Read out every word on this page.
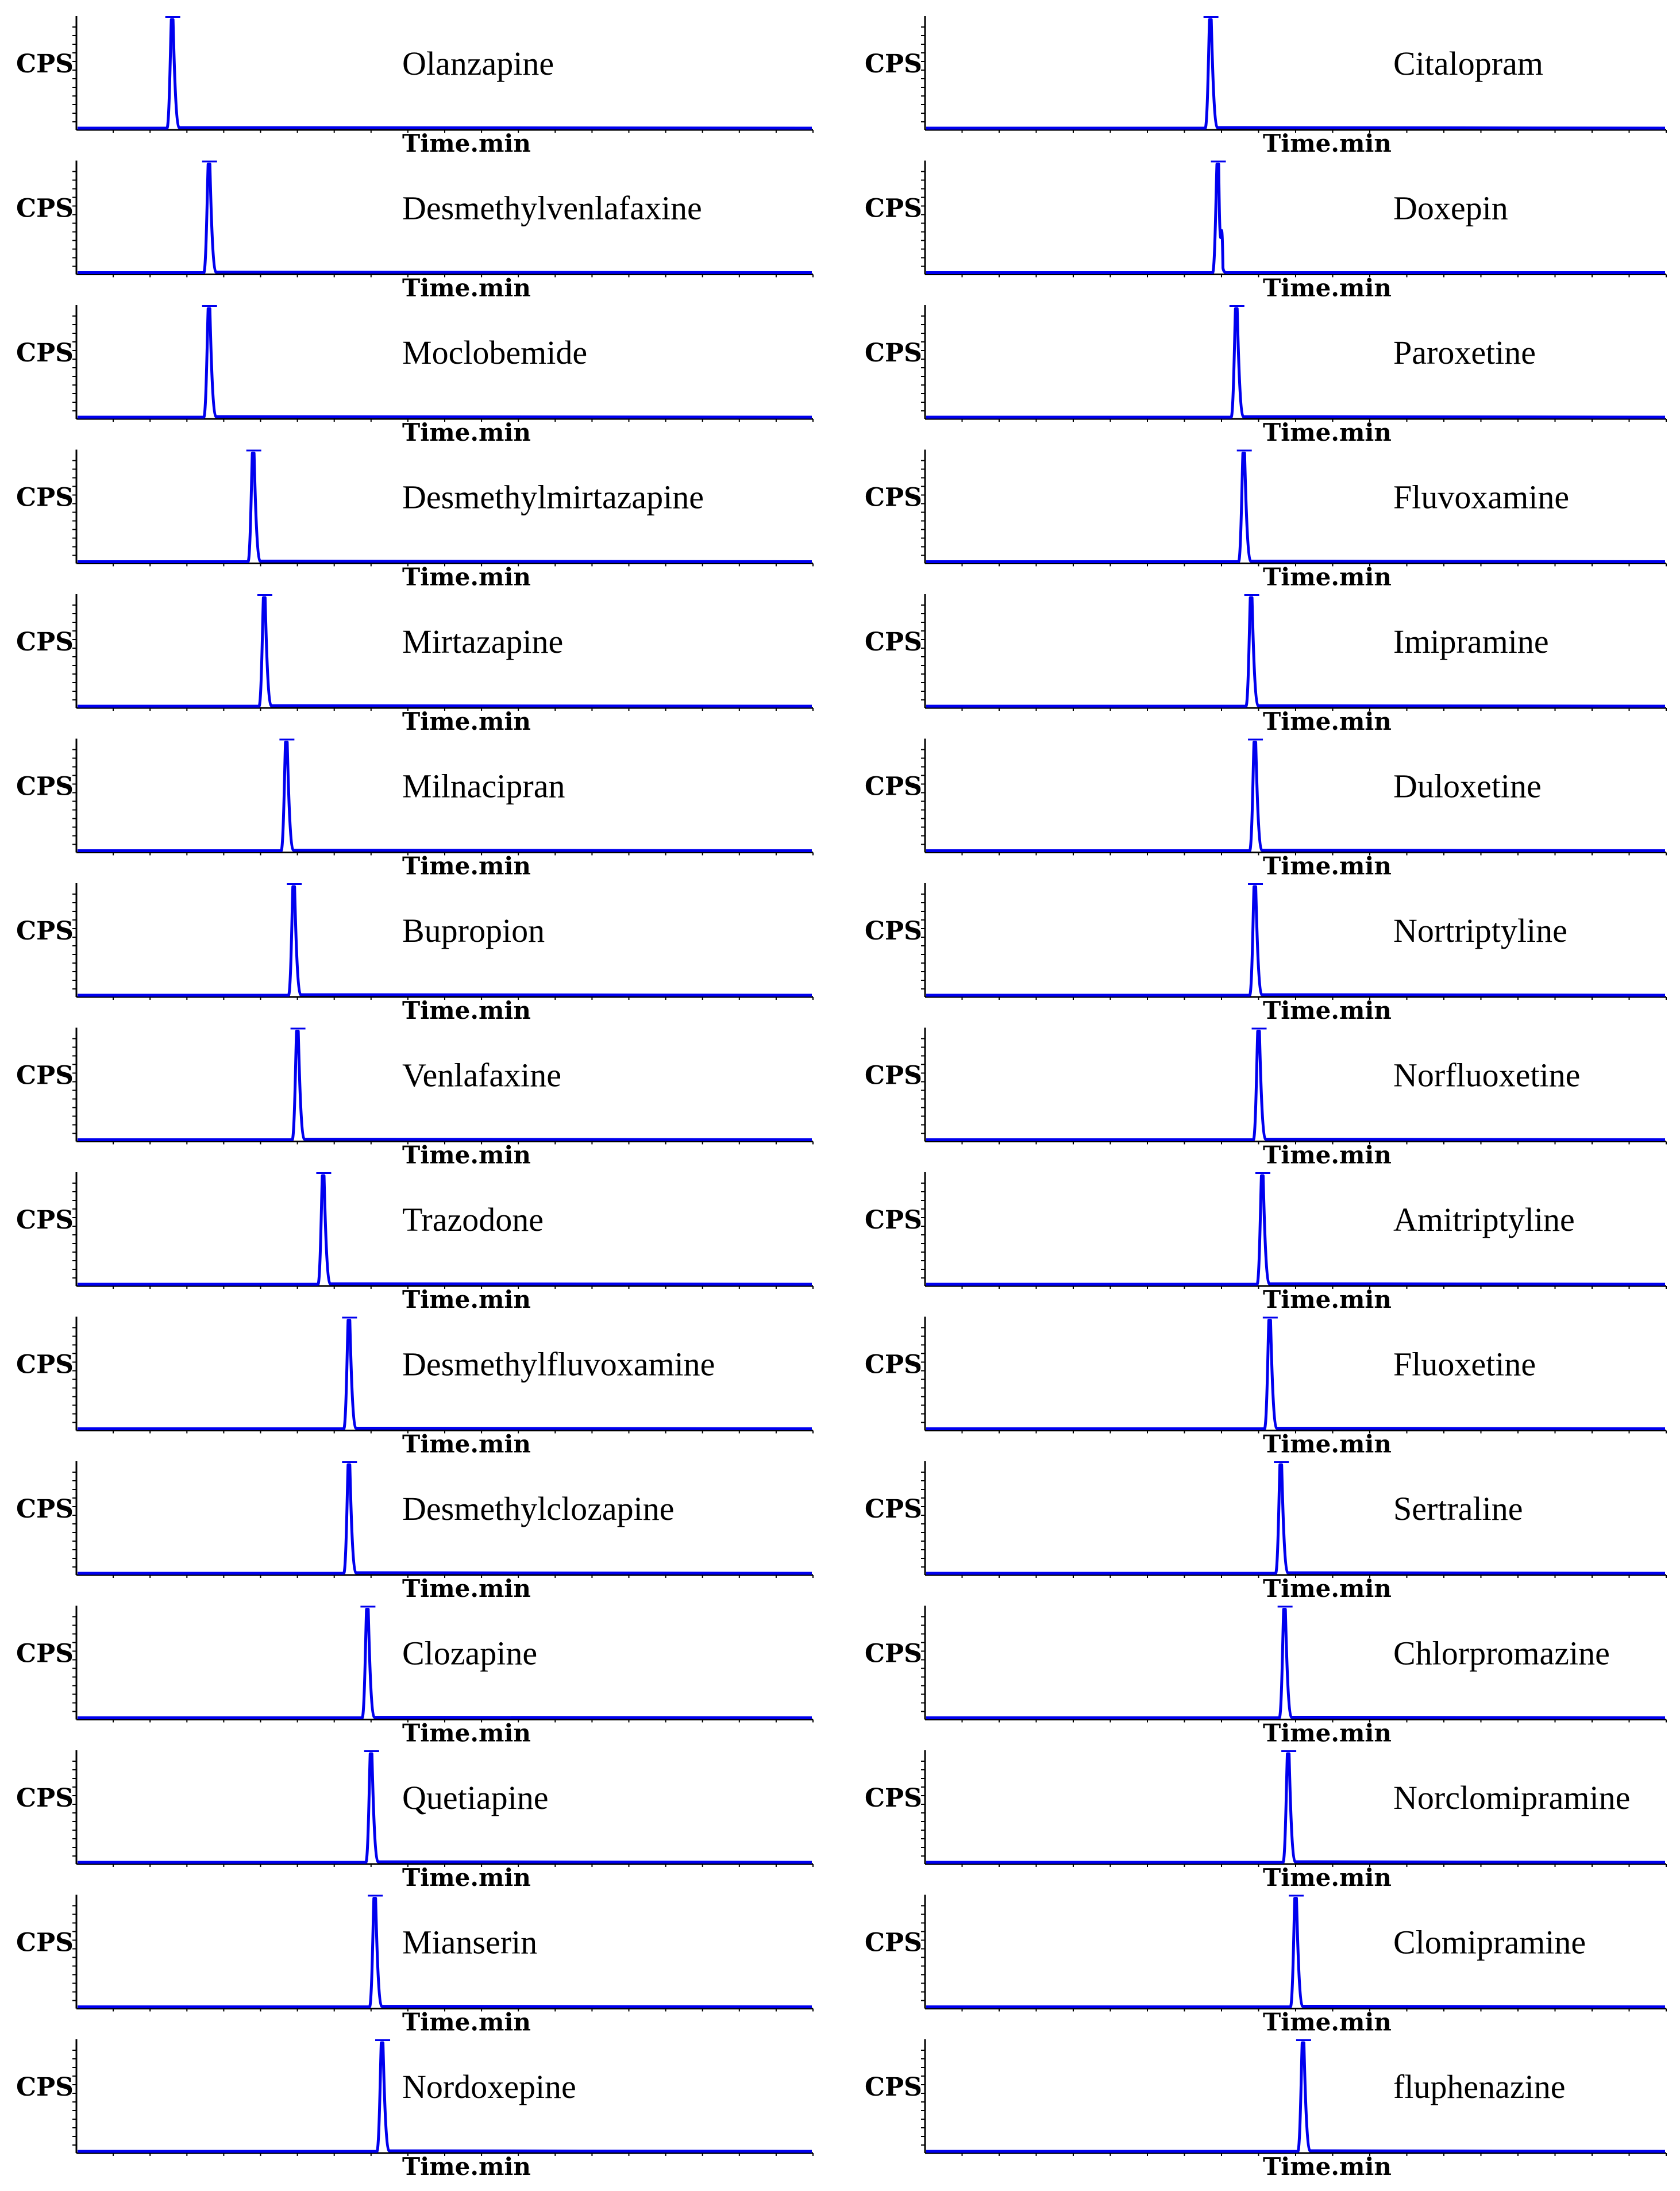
CPS
Time.min
Olanzapine
CPS
Time.min
Desmethylvenlafaxine
CPS
Time.min
Moclobemide
CPS
Time.min
Desmethylmirtazapine
CPS
Time.min
Mirtazapine
CPS
Time.min
Milnacipran
CPS
Time.min
Bupropion
CPS
Time.min
Venlafaxine
CPS
Time.min
Trazodone
CPS
Time.min
Desmethylfluvoxamine
CPS
Time.min
Desmethylclozapine
CPS
Time.min
Clozapine
CPS
Time.min
Quetiapine
CPS
Time.min
Mianserin
CPS
Time.min
Nordoxepine
CPS
Time.min
Citalopram
CPS
Time.min
Doxepin
CPS
Time.min
Paroxetine
CPS
Time.min
Fluvoxamine
CPS
Time.min
Imipramine
CPS
Time.min
Duloxetine
CPS
Time.min
Nortriptyline
CPS
Time.min
Norfluoxetine
CPS
Time.min
Amitriptyline
CPS
Time.min
Fluoxetine
CPS
Time.min
Sertraline
CPS
Time.min
Chlorpromazine
CPS
Time.min
Norclomipramine
CPS
Time.min
Clomipramine
CPS
Time.min
fluphenazine
